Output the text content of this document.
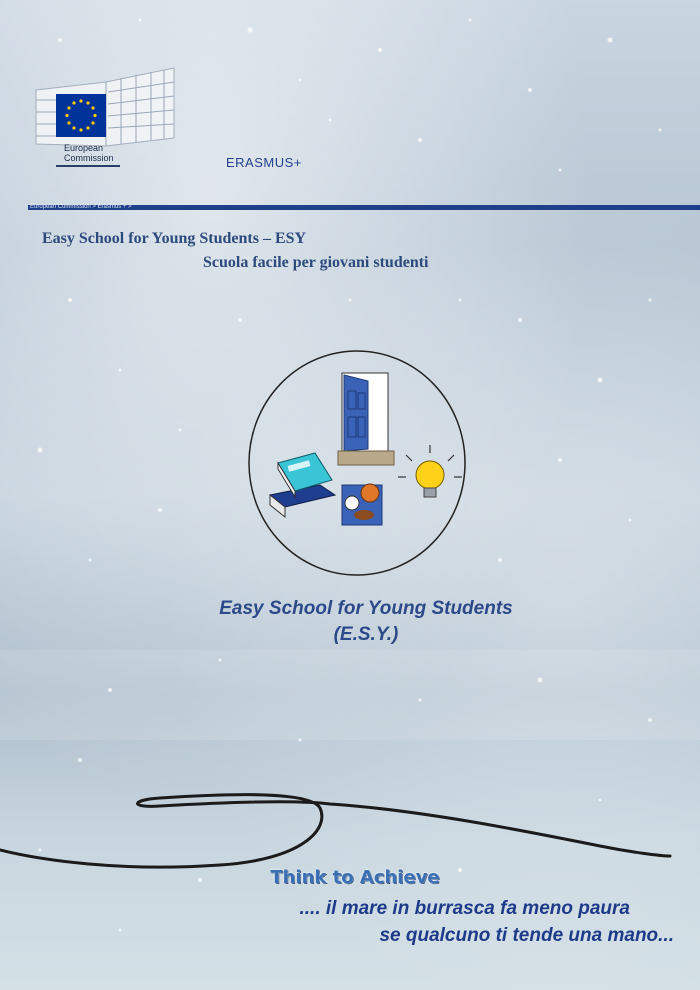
European
Commission	ERASMUS+
European Commission > Erasmus + >
Easy School for Young Students – ESY
Scuola facile per giovani studenti
Think to Achieve
Easy School for Young Students
(E.S.Y.)
.... il mare in burrasca fa meno paura
se qualcuno ti tende una mano...
